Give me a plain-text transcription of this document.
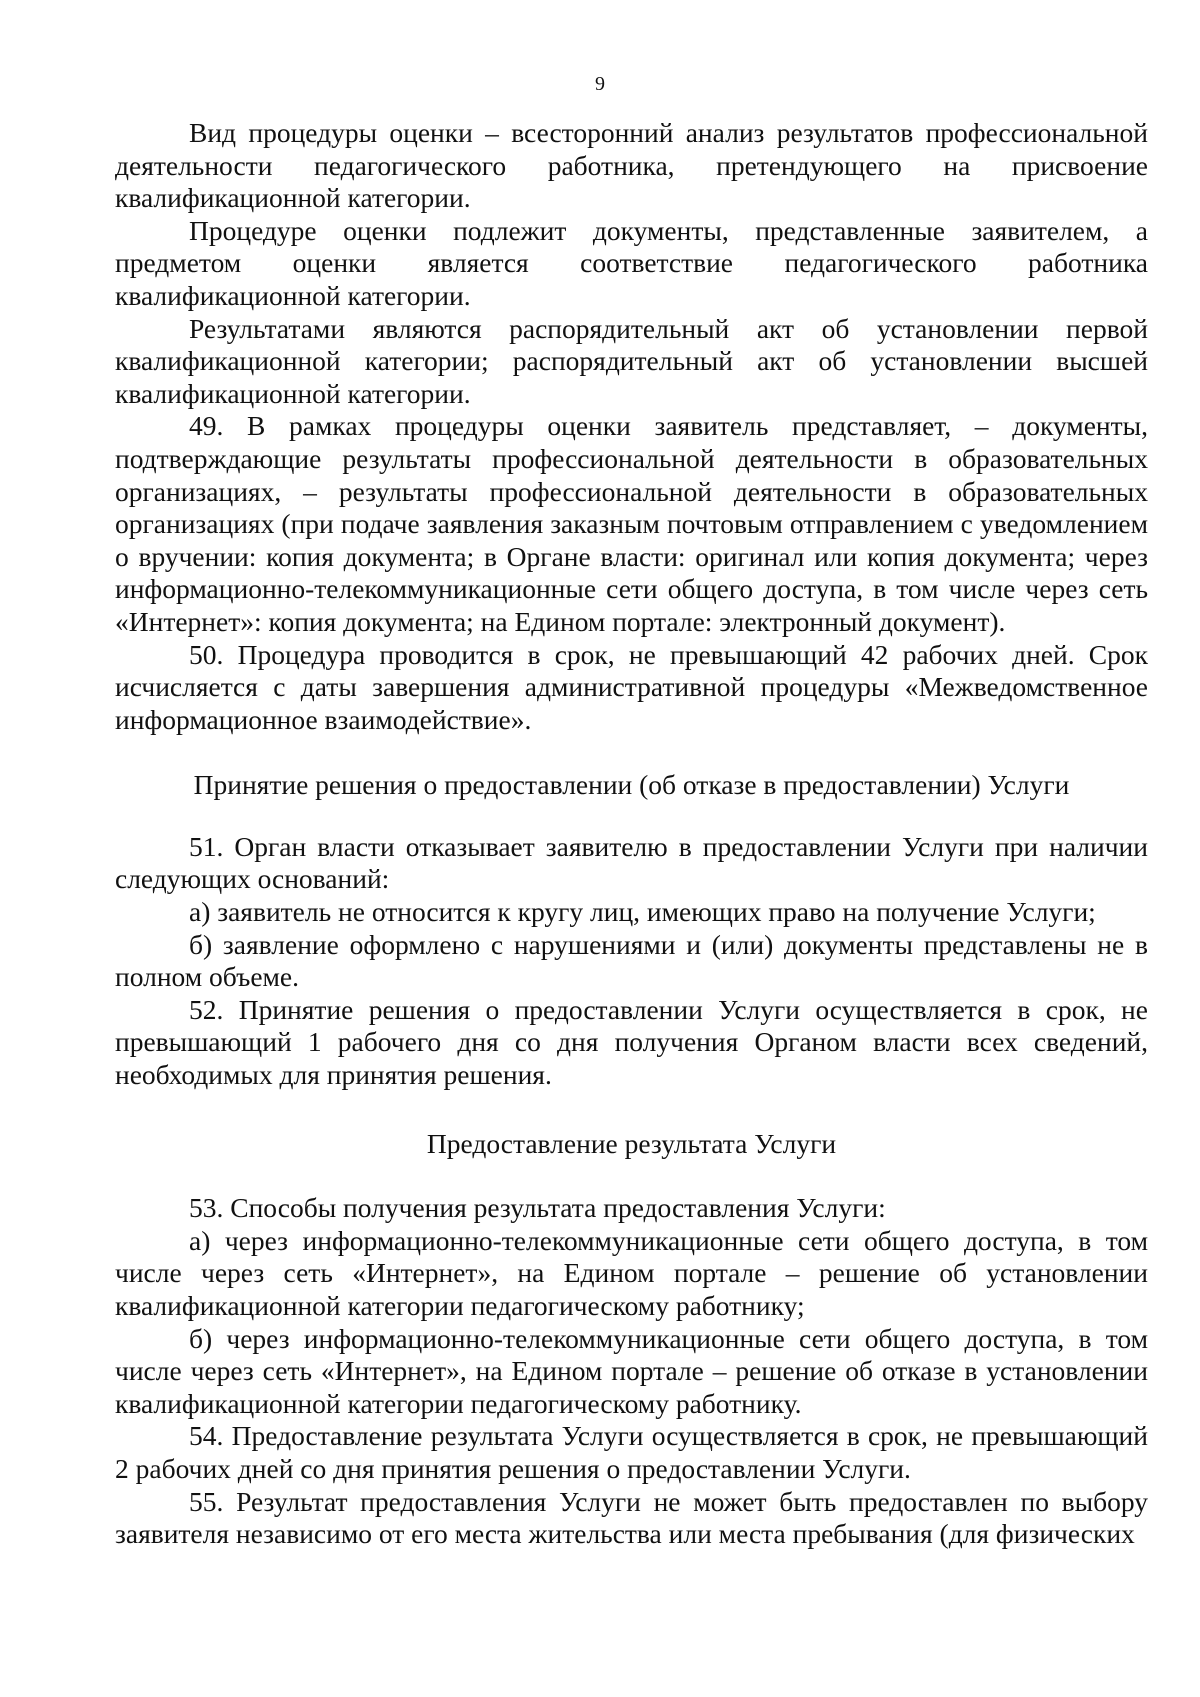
9

Вид процедуры оценки – всесторонний анализ результатов профессиональной деятельности педагогического работника, претендующего на присвоение квалификационной категории.

Процедуре оценки подлежит документы, представленные заявителем, а предметом оценки является соответствие педагогического работника квалификационной категории.

Результатами являются распорядительный акт об установлении первой квалификационной категории; распорядительный акт об установлении высшей квалификационной категории.

49. В рамках процедуры оценки заявитель представляет, – документы, подтверждающие результаты профессиональной деятельности в образовательных организациях, – результаты профессиональной деятельности в образовательных организациях (при подаче заявления заказным почтовым отправлением с уведомлением о вручении: копия документа; в Органе власти: оригинал или копия документа; через информационно-телекоммуникационные сети общего доступа, в том числе через сеть «Интернет»: копия документа; на Едином портале: электронный документ).

50. Процедура проводится в срок, не превышающий 42 рабочих дней. Срок исчисляется с даты завершения административной процедуры «Межведомственное информационное взаимодействие».

Принятие решения о предоставлении (об отказе в предоставлении) Услуги

51. Орган власти отказывает заявителю в предоставлении Услуги при наличии следующих оснований:

а) заявитель не относится к кругу лиц, имеющих право на получение Услуги;

б) заявление оформлено с нарушениями и (или) документы представлены не в полном объеме.

52. Принятие решения о предоставлении Услуги осуществляется в срок, не превышающий 1 рабочего дня со дня получения Органом власти всех сведений, необходимых для принятия решения.

Предоставление результата Услуги

53. Способы получения результата предоставления Услуги:

а) через информационно-телекоммуникационные сети общего доступа, в том числе через сеть «Интернет», на Едином портале – решение об установлении квалификационной категории педагогическому работнику;

б) через информационно-телекоммуникационные сети общего доступа, в том числе через сеть «Интернет», на Едином портале – решение об отказе в установлении квалификационной категории педагогическому работнику.

54. Предоставление результата Услуги осуществляется в срок, не превышающий 2 рабочих дней со дня принятия решения о предоставлении Услуги.

55. Результат предоставления Услуги не может быть предоставлен по выбору заявителя независимо от его места жительства или места пребывания (для физических
